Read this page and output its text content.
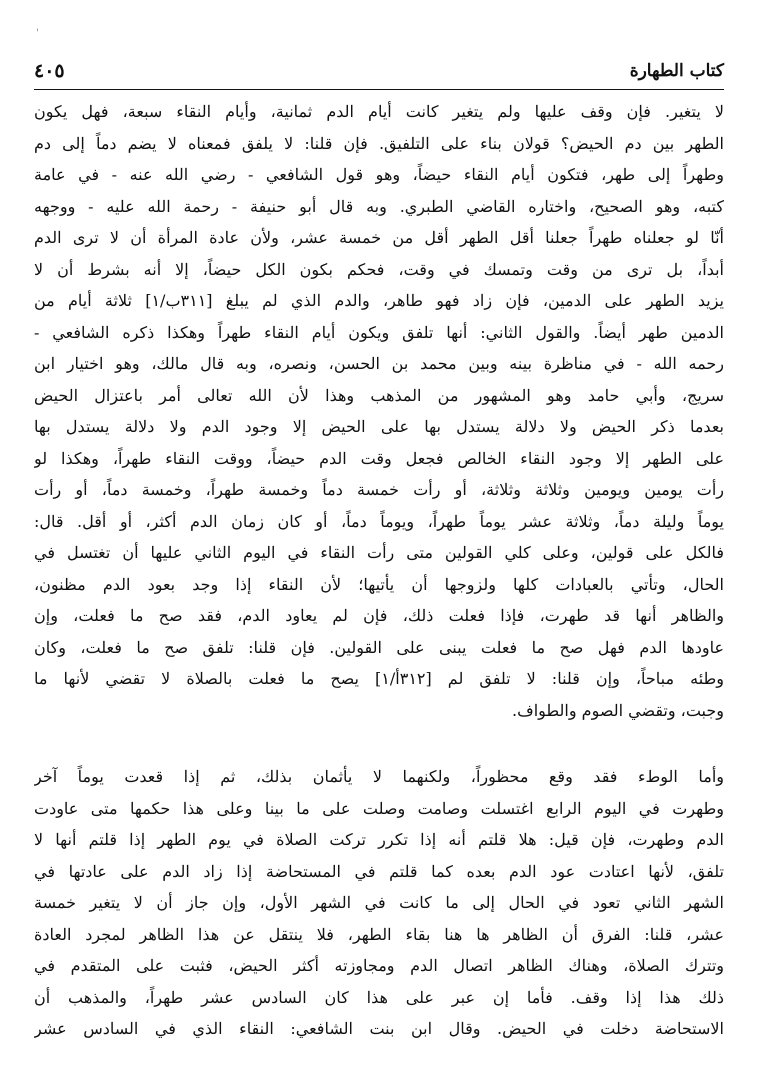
'
كتاب الطهارة
٤٠٥
لا يتغير. فإن وقف عليها ولم يتغير كانت أيام الدم ثمانية، وأيام النقاء سبعة، فهل يكون
الطهر بين دم الحيض؟ قولان بناء على التلفيق. فإن قلنا: لا يلفق فمعناه لا يضم دماً إلى دم
وطهراً إلى طهر، فتكون أيام النقاء حيضاً، وهو قول الشافعي - رضي الله عنه - في عامة
كتبه، وهو الصحيح، واختاره القاضي الطبري. وبه قال أبو حنيفة - رحمة الله عليه - ووجهه
أنّا لو جعلناه طهراً جعلنا أقل الطهر أقل من خمسة عشر، ولأن عادة المرأة أن لا ترى الدم
أبداً، بل ترى من وقت وتمسك في وقت، فحكم بكون الكل حيضاً، إلا أنه بشرط أن لا
يزيد الطهر على الدمين، فإن زاد فهو طاهر، والدم الذي لم يبلغ [٣١١ب/١] ثلاثة أيام من
الدمين طهر أيضاً. والقول الثاني: أنها تلفق ويكون أيام النقاء طهراً وهكذا ذكره الشافعي -
رحمه الله - في مناظرة بينه وبين محمد بن الحسن، ونصره، وبه قال مالك، وهو اختيار ابن
سريج، وأبي حامد وهو المشهور من المذهب وهذا لأن الله تعالى أمر باعتزال الحيض
بعدما ذكر الحيض ولا دلالة يستدل بها على الحيض إلا وجود الدم ولا دلالة يستدل بها
على الطهر إلا وجود النقاء الخالص فجعل وقت الدم حيضاً، ووقت النقاء طهراً، وهكذا لو
رأت يومين ويومين وثلاثة وثلاثة، أو رأت خمسة دماً وخمسة طهراً، وخمسة دماً، أو رأت
يوماً وليلة دماً، وثلاثة عشر يوماً طهراً، ويوماً دماً، أو كان زمان الدم أكثر، أو أقل. قال:
فالكل على قولين، وعلى كلي القولين متى رأت النقاء في اليوم الثاني عليها أن تغتسل في
الحال، وتأتي بالعبادات كلها ولزوجها أن يأتيها؛ لأن النقاء إذا وجد بعود الدم مظنون،
والظاهر أنها قد طهرت، فإذا فعلت ذلك، فإن لم يعاود الدم، فقد صح ما فعلت، وإن
عاودها الدم فهل صح ما فعلت يبنى على القولين. فإن قلنا: تلفق صح ما فعلت، وكان
وطئه مباحاً، وإن قلنا: لا تلفق لم [٣١٢أ/١] يصح ما فعلت بالصلاة لا تقضي لأنها ما
وجبت، وتقضي الصوم والطواف.
وأما الوطء فقد وقع محظوراً، ولكنهما لا يأثمان بذلك، ثم إذا قعدت يوماً آخر
وطهرت في اليوم الرابع اغتسلت وصامت وصلت على ما بينا وعلى هذا حكمها متى عاودت
الدم وطهرت، فإن قيل: هلا قلتم أنه إذا تكرر تركت الصلاة في يوم الطهر إذا قلتم أنها لا
تلفق، لأنها اعتادت عود الدم بعده كما قلتم في المستحاضة إذا زاد الدم على عادتها في
الشهر الثاني تعود في الحال إلى ما كانت في الشهر الأول، وإن جاز أن لا يتغير خمسة
عشر، قلنا: الفرق أن الظاهر ها هنا بقاء الطهر، فلا ينتقل عن هذا الظاهر لمجرد العادة
وتترك الصلاة، وهناك الظاهر اتصال الدم ومجاوزته أكثر الحيض، فثبت على المتقدم في
ذلك هذا إذا وقف. فأما إن عبر على هذا كان السادس عشر طهراً، والمذهب أن
الاستحاضة دخلت في الحيض. وقال ابن بنت الشافعي: النقاء الذي في السادس عشر
